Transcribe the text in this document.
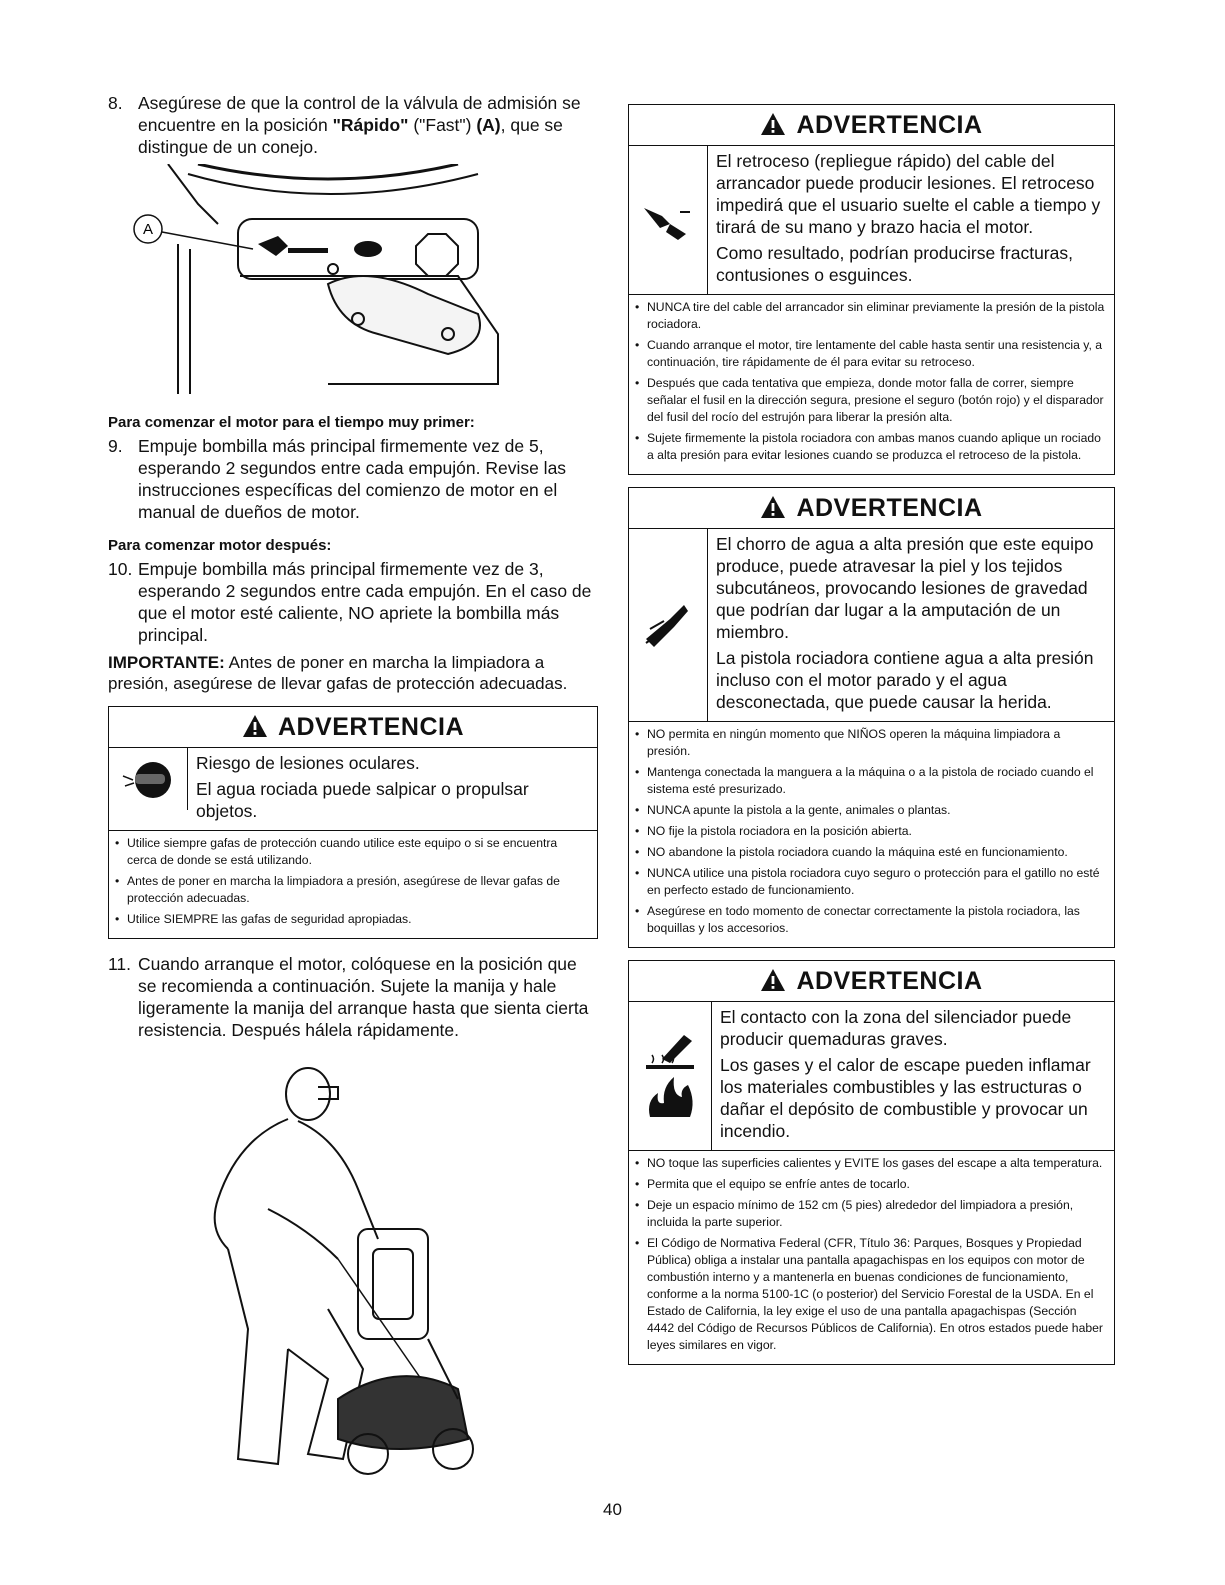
8. Asegúrese de que la control de la válvula de admisión se encuentre en la posición "Rápido" ("Fast") (A), que se distingue de un conejo.
A
Para comenzar el motor para el tiempo muy primer:
9. Empuje bombilla más principal firmemente vez de 5, esperando 2 segundos entre cada empujón. Revise las instrucciones específicas del comienzo de motor en el manual de dueños de motor.
Para comenzar motor después:
10. Empuje bombilla más principal firmemente vez de 3, esperando 2 segundos entre cada empujón. En el caso de que el motor esté caliente, NO apriete la bombilla más principal.
IMPORTANTE: Antes de poner en marcha la limpiadora a presión, asegúrese de llevar gafas de protección adecuadas.
ADVERTENCIA

Riesgo de lesiones oculares.

El agua rociada puede salpicar o propulsar objetos.

• Utilice siempre gafas de protección cuando utilice este equipo o si se encuentra cerca de donde se está utilizando.
• Antes de poner en marcha la limpiadora a presión, asegúrese de llevar gafas de protección adecuadas.
• Utilice SIEMPRE las gafas de seguridad apropiadas.
11. Cuando arranque el motor, colóquese en la posición que se recomienda a continuación. Sujete la manija y hale ligeramente la manija del arranque hasta que sienta cierta resistencia. Después hálela rápidamente.
ADVERTENCIA

El retroceso (repliegue rápido) del cable del arrancador puede producir lesiones. El retroceso impedirá que el usuario suelte el cable a tiempo y tirará de su mano y brazo hacia el motor.

Como resultado, podrían producirse fracturas, contusiones o esguinces.

• NUNCA tire del cable del arrancador sin eliminar previamente la presión de la pistola rociadora.
• Cuando arranque el motor, tire lentamente del cable hasta sentir una resistencia y, a continuación, tire rápidamente de él para evitar su retroceso.
• Después que cada tentativa que empieza, donde motor falla de correr, siempre señalar el fusil en la dirección segura, presione el seguro (botón rojo) y el disparador del fusil del rocío del estrujón para liberar la presión alta.
• Sujete firmemente la pistola rociadora con ambas manos cuando aplique un rociado a alta presión para evitar lesiones cuando se produzca el retroceso de la pistola.
ADVERTENCIA

El chorro de agua a alta presión que este equipo produce, puede atravesar la piel y los tejidos subcutáneos, provocando lesiones de gravedad que podrían dar lugar a la amputación de un miembro.

La pistola rociadora contiene agua a alta presión incluso con el motor parado y el agua desconectada, que puede causar la herida.

• NO permita en ningún momento que NIÑOS operen la máquina limpiadora a presión.
• Mantenga conectada la manguera a la máquina o a la pistola de rociado cuando el sistema esté presurizado.
• NUNCA apunte la pistola a la gente, animales o plantas.
• NO fije la pistola rociadora en la posición abierta.
• NO abandone la pistola rociadora cuando la máquina esté en funcionamiento.
• NUNCA utilice una pistola rociadora cuyo seguro o protección para el gatillo no esté en perfecto estado de funcionamiento.
• Asegúrese en todo momento de conectar correctamente la pistola rociadora, las boquillas y los accesorios.
ADVERTENCIA

El contacto con la zona del silenciador puede producir quemaduras graves.

Los gases y el calor de escape pueden inflamar los materiales combustibles y las estructuras o dañar el depósito de combustible y provocar un incendio.

• NO toque las superficies calientes y EVITE los gases del escape a alta temperatura.
• Permita que el equipo se enfríe antes de tocarlo.
• Deje un espacio mínimo de 152 cm (5 pies) alrededor del limpiadora a presión, incluida la parte superior.
• El Código de Normativa Federal (CFR, Título 36: Parques, Bosques y Propiedad Pública) obliga a instalar una pantalla apagachispas en los equipos con motor de combustión interno y a mantenerla en buenas condiciones de funcionamiento, conforme a la norma 5100-1C (o posterior) del Servicio Forestal de la USDA. En el Estado de California, la ley exige el uso de una pantalla apagachispas (Sección 4442 del Código de Recursos Públicos de California). En otros estados puede haber leyes similares en vigor.
40
